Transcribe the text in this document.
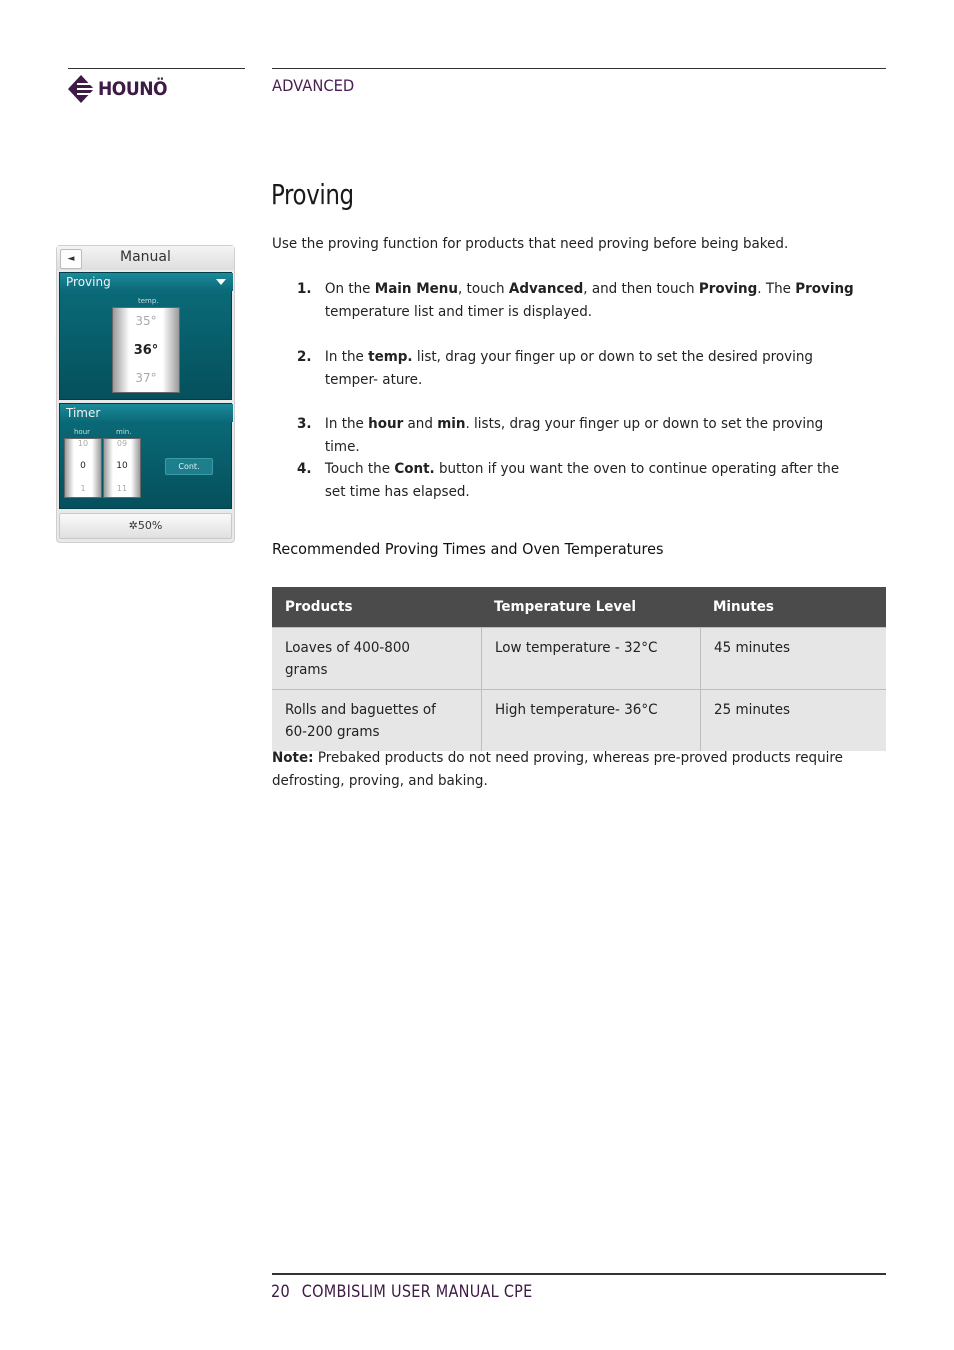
HOUNÖ	ADVANCED
Proving
◄	Manual
Proving
temp.
35°
36°
37°
Timer
hour	min.
10
0
1
09
10
11
Cont.
✲50%
Use the proving function for products that need proving before being baked.
1. On the Main Menu, touch Advanced, and then touch Proving. The Proving temperature list and timer is displayed.
2. In the temp. list, drag your finger up or down to set the desired proving temper- ature.
3. In the hour and min. lists, drag your finger up or down to set the proving time.
4. Touch the Cont. button if you want the oven to continue operating after the set time has elapsed.
Recommended Proving Times and Oven Temperatures
Products	Temperature Level	Minutes
Loaves of 400-800 grams	Low temperature - 32°C	45 minutes
Rolls and baguettes of 60-200 grams	High temperature- 36°C	25 minutes
Note: Prebaked products do not need proving, whereas pre-proved products require defrosting, proving, and baking.
20 COMBISLIM USER MANUAL CPE
